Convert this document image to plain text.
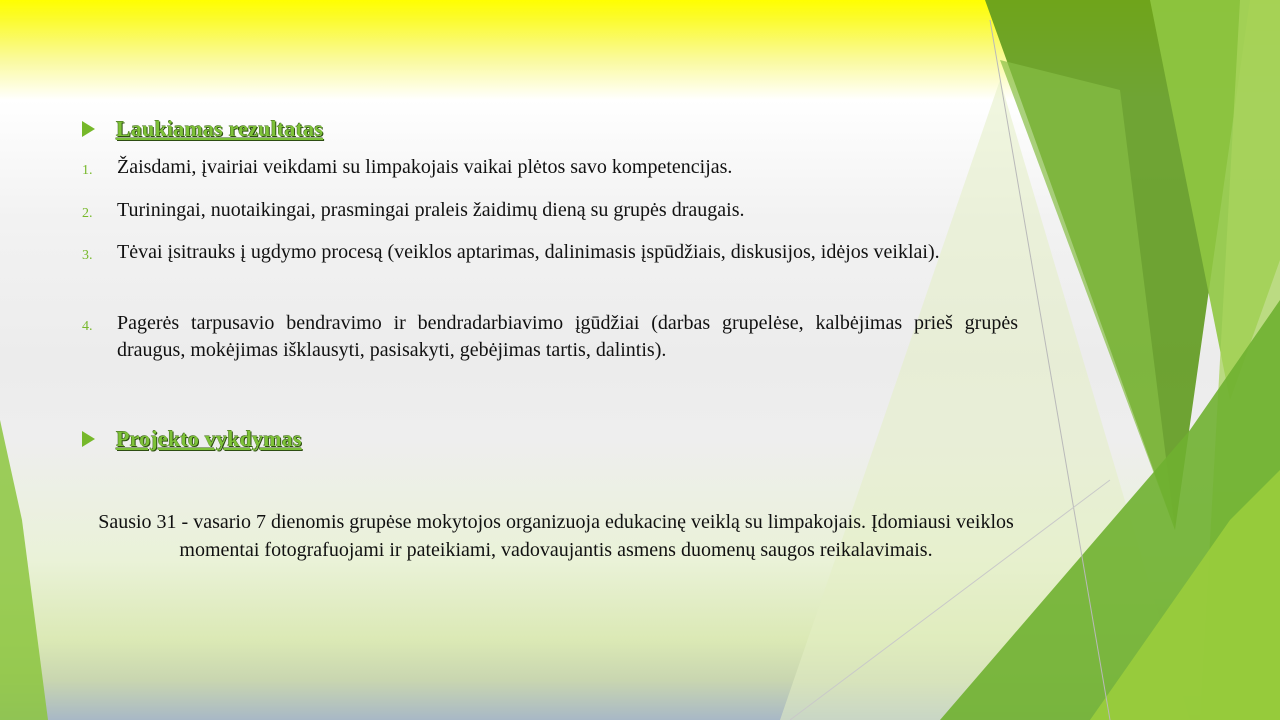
Laukiamas rezultatas
1.	Žaisdami, įvairiai veikdami su limpakojais vaikai plėtos savo kompetencijas.
2.	Turiningai, nuotaikingai, prasmingai praleis žaidimų dieną su grupės draugais.
3.	Tėvai įsitrauks į ugdymo procesą (veiklos aptarimas, dalinimasis įspūdžiais, diskusijos, idėjos veiklai).
4.	Pagerės tarpusavio bendravimo ir bendradarbiavimo įgūdžiai (darbas grupelėse, kalbėjimas prieš grupės draugus, mokėjimas išklausyti, pasisakyti, gebėjimas tartis, dalintis).
Projekto vykdymas
Sausio 31 - vasario 7 dienomis grupėse mokytojos organizuoja edukacinę veiklą su limpakojais. Įdomiausi veiklos momentai fotografuojami ir pateikiami, vadovaujantis asmens duomenų saugos reikalavimais.
